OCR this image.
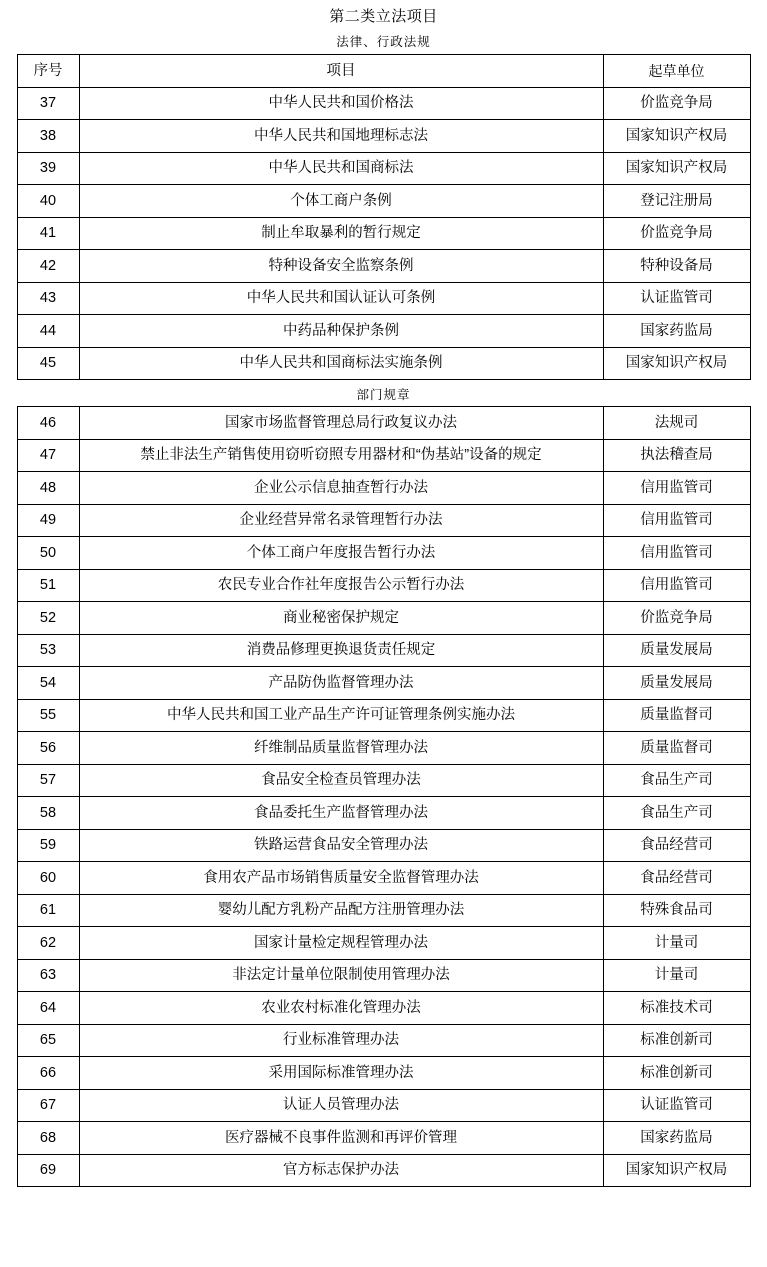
第二类立法项目
法律、行政法规
序号	项目	起草单位
37	中华人民共和国价格法	价监竞争局
38	中华人民共和国地理标志法	国家知识产权局
39	中华人民共和国商标法	国家知识产权局
40	个体工商户条例	登记注册局
41	制止牟取暴利的暂行规定	价监竞争局
42	特种设备安全监察条例	特种设备局
43	中华人民共和国认证认可条例	认证监管司
44	中药品种保护条例	国家药监局
45	中华人民共和国商标法实施条例	国家知识产权局
部门规章
46	国家市场监督管理总局行政复议办法	法规司
47	禁止非法生产销售使用窃听窃照专用器材和“伪基站”设备的规定	执法稽查局
48	企业公示信息抽查暂行办法	信用监管司
49	企业经营异常名录管理暂行办法	信用监管司
50	个体工商户年度报告暂行办法	信用监管司
51	农民专业合作社年度报告公示暂行办法	信用监管司
52	商业秘密保护规定	价监竞争局
53	消费品修理更换退货责任规定	质量发展局
54	产品防伪监督管理办法	质量发展局
55	中华人民共和国工业产品生产许可证管理条例实施办法	质量监督司
56	纤维制品质量监督管理办法	质量监督司
57	食品安全检查员管理办法	食品生产司
58	食品委托生产监督管理办法	食品生产司
59	铁路运营食品安全管理办法	食品经营司
60	食用农产品市场销售质量安全监督管理办法	食品经营司
61	婴幼儿配方乳粉产品配方注册管理办法	特殊食品司
62	国家计量检定规程管理办法	计量司
63	非法定计量单位限制使用管理办法	计量司
64	农业农村标准化管理办法	标准技术司
65	行业标准管理办法	标准创新司
66	采用国际标准管理办法	标准创新司
67	认证人员管理办法	认证监管司
68	医疗器械不良事件监测和再评价管理	国家药监局
69	官方标志保护办法	国家知识产权局
